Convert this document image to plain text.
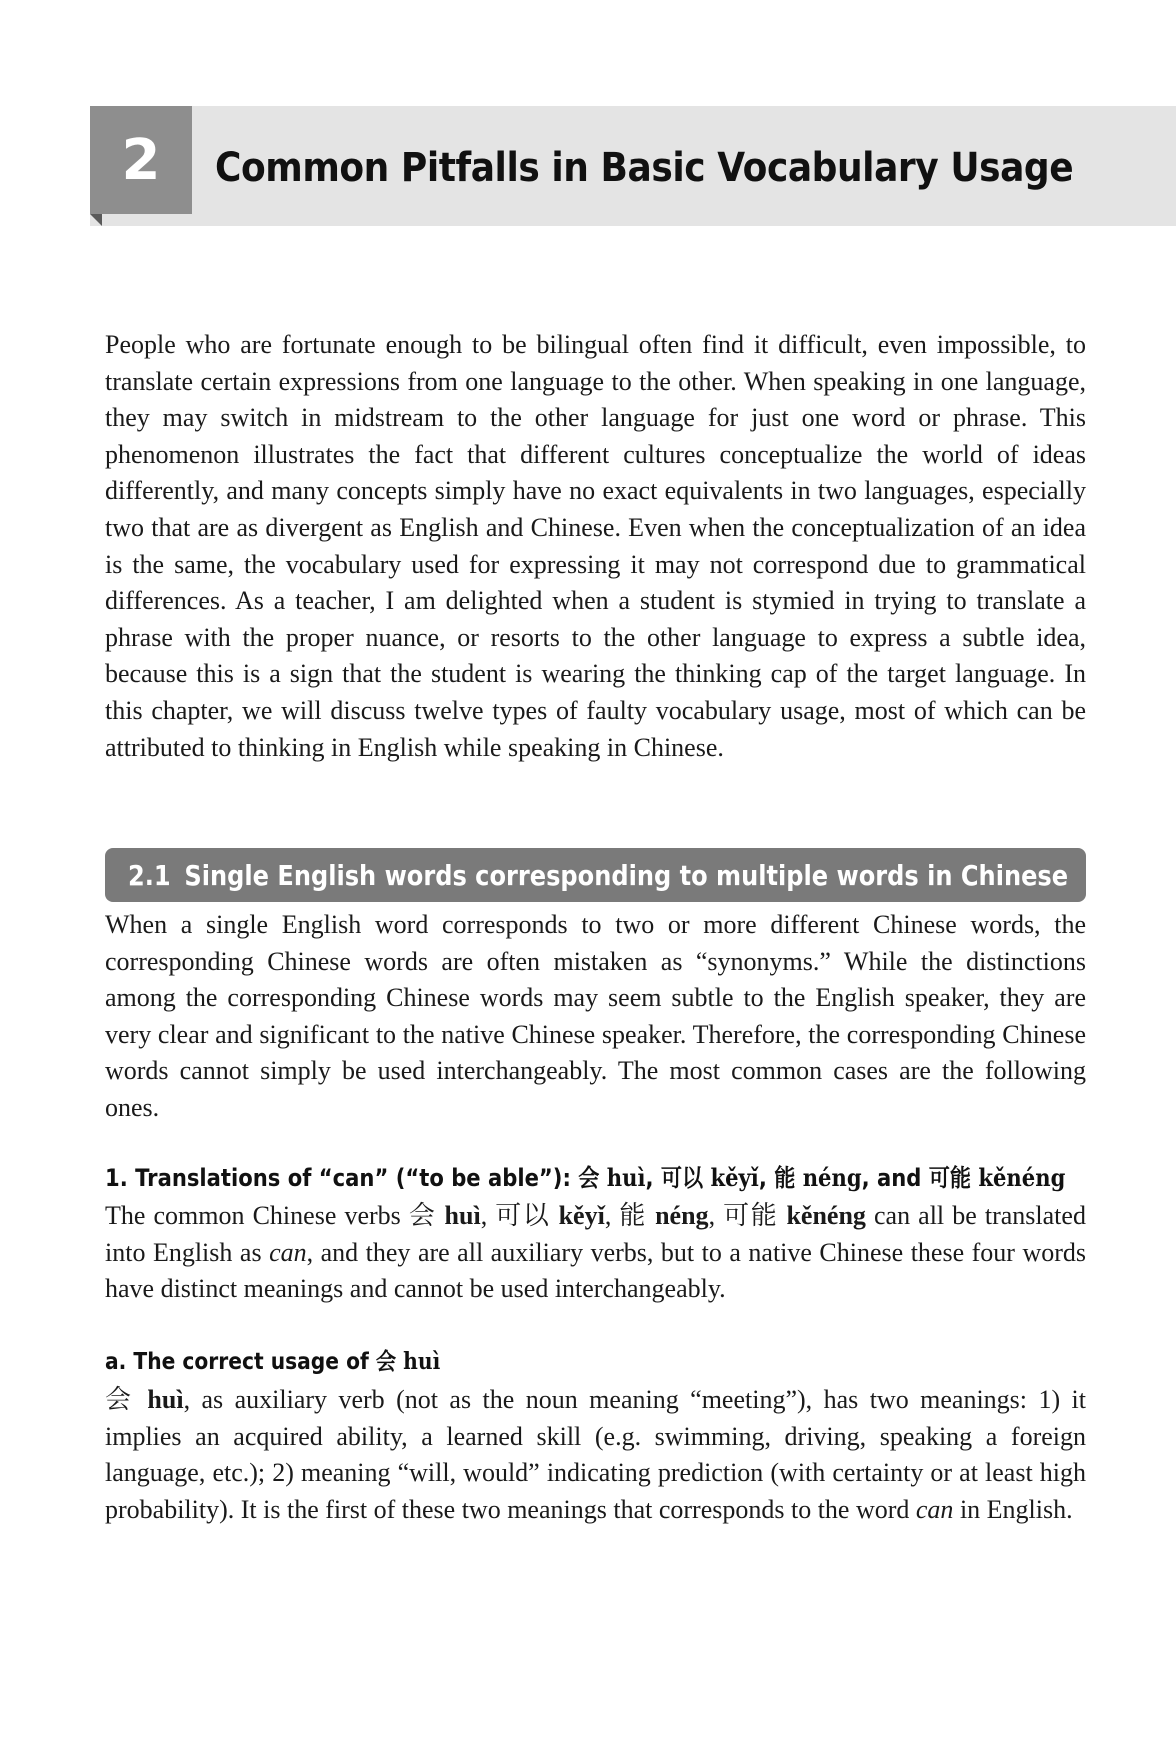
2	Common Pitfalls in Basic Vocabulary Usage

People who are fortunate enough to be bilingual often find it difficult, even impossible, to translate certain expressions from one language to the other. When speaking in one language, they may switch in midstream to the other language for just one word or phrase. This phenomenon illustrates the fact that different cultures conceptualize the world of ideas differently, and many concepts simply have no exact equivalents in two languages, especially two that are as divergent as English and Chinese. Even when the conceptualization of an idea is the same, the vocabulary used for expressing it may not correspond due to grammatical differences. As a teacher, I am delighted when a student is stymied in trying to translate a phrase with the proper nuance, or resorts to the other language to express a subtle idea, because this is a sign that the student is wearing the thinking cap of the target language. In this chapter, we will discuss twelve types of faulty vocabulary usage, most of which can be attributed to thinking in English while speaking in Chinese.

2.1 Single English words corresponding to multiple words in Chinese

When a single English word corresponds to two or more different Chinese words, the corresponding Chinese words are often mistaken as “synonyms.” While the distinctions among the corresponding Chinese words may seem subtle to the English speaker, they are very clear and significant to the native Chinese speaker. Therefore, the corresponding Chinese words cannot simply be used interchangeably. The most common cases are the following ones.

1. Translations of “can” (“to be able”): 会 huì, 可以 kěyǐ, 能 néng, and 可能 kěnéng

The common Chinese verbs 会 huì, 可以 kěyǐ, 能 néng, 可能 kěnéng can all be translated into English as can, and they are all auxiliary verbs, but to a native Chinese these four words have distinct meanings and cannot be used interchangeably.

a. The correct usage of 会 huì

会 huì, as auxiliary verb (not as the noun meaning “meeting”), has two meanings: 1) it implies an acquired ability, a learned skill (e.g. swimming, driving, speaking a foreign language, etc.); 2) meaning “will, would” indicating prediction (with certainty or at least high probability). It is the first of these two meanings that corresponds to the word can in English.
